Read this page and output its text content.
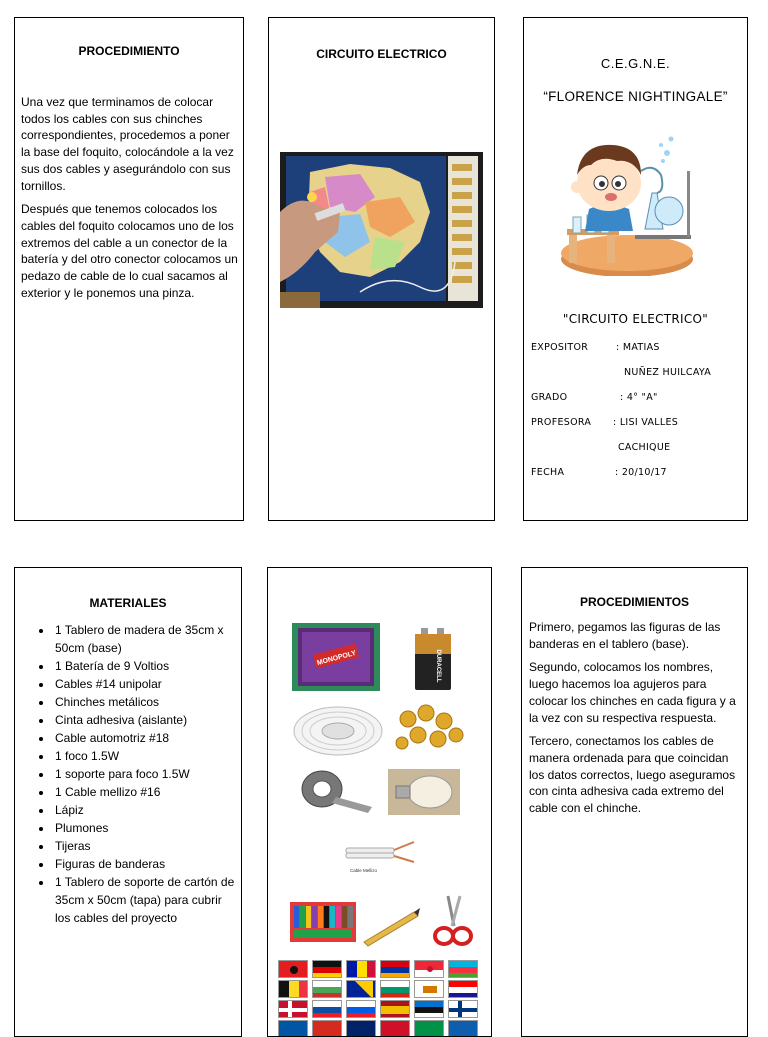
PROCEDIMIENTO

Una vez que terminamos de colocar todos los cables con sus chinches correspondientes, procedemos a poner la base del foquito, colocándole a la vez sus dos cables y asegurándolo con sus tornillos.

Después que tenemos colocados los cables del foquito colocamos uno de los extremos del cable a un conector de la batería y del otro conector colocamos un pedazo de cable de lo cual sacamos al exterior y le ponemos una pinza.

CIRCUITO ELECTRICO
C.E.G.N.E.
“FLORENCE NIGHTINGALE”
"CIRCUITO ELECTRICO"
EXPOSITOR	: MATIAS
NUÑEZ HUILCAYA
GRADO	: 4° "A"
PROFESORA : LISI VALLES
CACHIQUE
FECHA	: 20/10/17
MATERIALES
• 1 Tablero de madera de 35cm x 50cm (base)
• 1 Batería de 9 Voltios
• Cables #14 unipolar
• Chinches metálicos
• Cinta adhesiva (aislante)
• Cable automotriz #18
• 1 foco 1.5W
• 1 soporte para foco 1.5W
• 1 Cable mellizo #16
• Lápiz
• Plumones
• Tijeras
• Figuras de banderas
• 1 Tablero de soporte de cartón de 35cm x 50cm (tapa) para cubrir los cables del proyecto
MONOPOLY	DURACELL
Cable Mellizo
PROCEDIMIENTOS

Primero, pegamos las figuras de las banderas en el tablero (base).

Segundo, colocamos los nombres, luego hacemos loa agujeros para colocar los chinches en cada figura y a la vez con su respectiva respuesta.

Tercero, conectamos los cables de manera ordenada para que coincidan los datos correctos, luego aseguramos con cinta adhesiva cada extremo del cable con el chinche.
